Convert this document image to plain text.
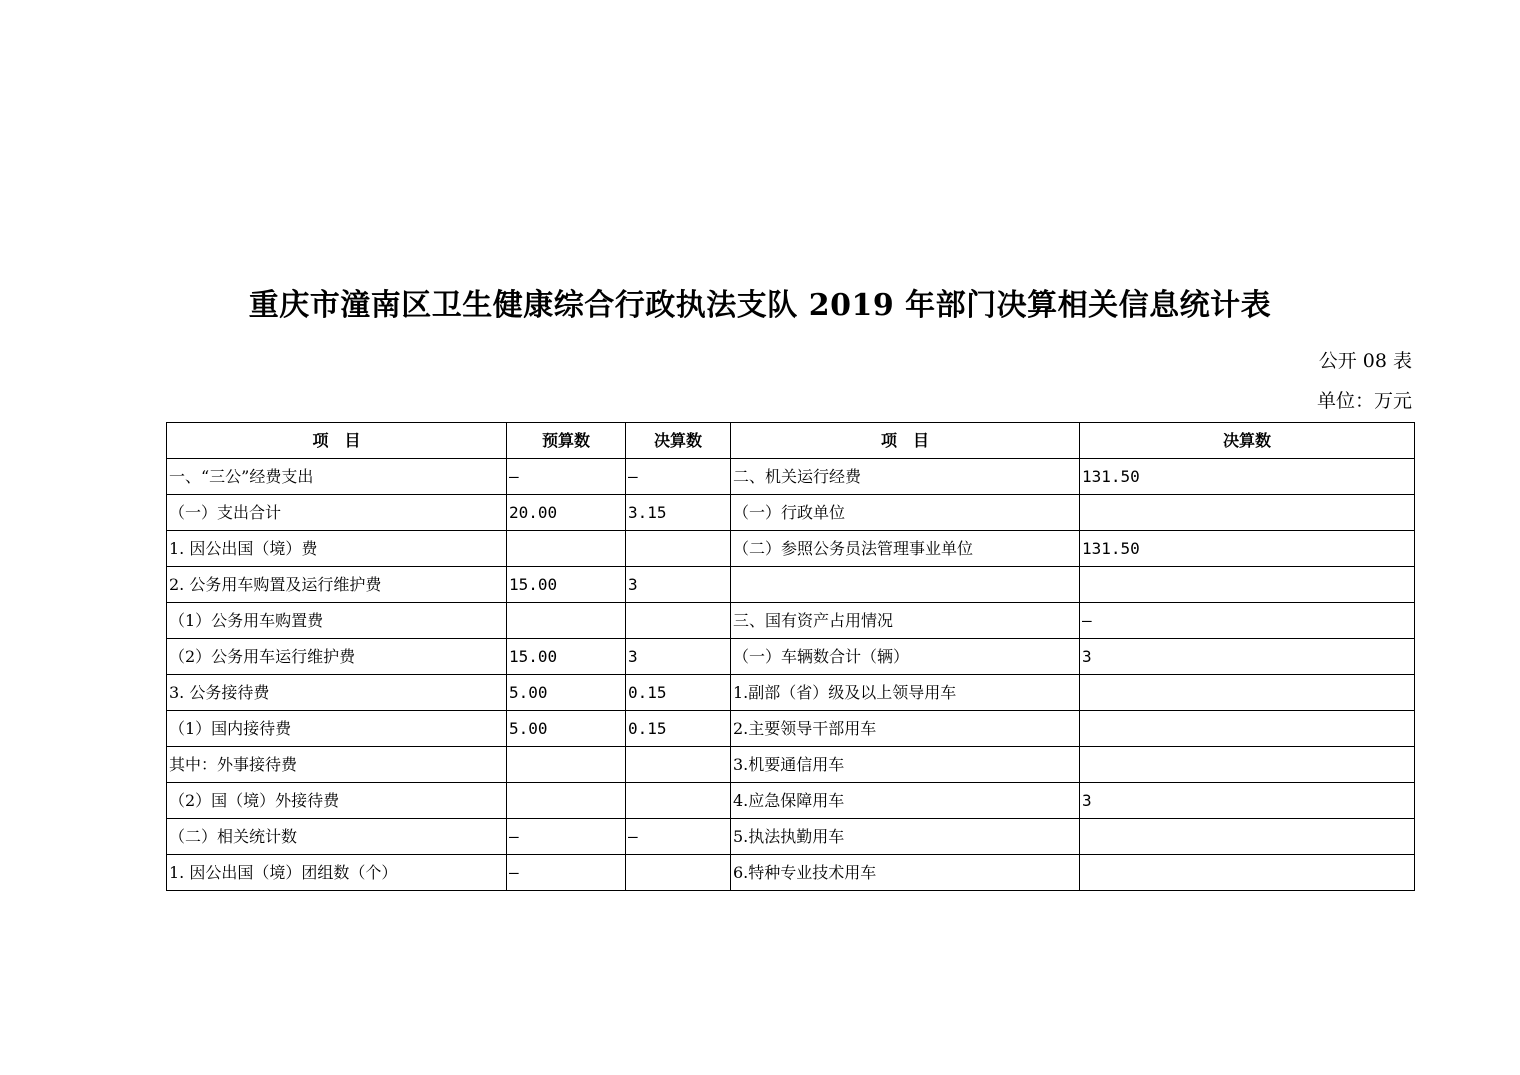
重庆市潼南区卫生健康综合行政执法支队 2019 年部门决算相关信息统计表
公开 08 表
单位：万元
项　目	预算数	决算数	项　目	决算数
一、“三公”经费支出	—	—	二、机关运行经费	131.50
（一）支出合计	20.00	3.15	（一）行政单位	
1. 因公出国（境）费			（二）参照公务员法管理事业单位	131.50
2. 公务用车购置及运行维护费	15.00	3		
（1）公务用车购置费			三、国有资产占用情况	—
（2）公务用车运行维护费	15.00	3	（一）车辆数合计（辆）	3
3. 公务接待费	5.00	0.15	1.副部（省）级及以上领导用车	
（1）国内接待费	5.00	0.15	2.主要领导干部用车	
其中：外事接待费			3.机要通信用车	
（2）国（境）外接待费			4.应急保障用车	3
（二）相关统计数	—	—	5.执法执勤用车	
1. 因公出国（境）团组数（个）	—		6.特种专业技术用车	
